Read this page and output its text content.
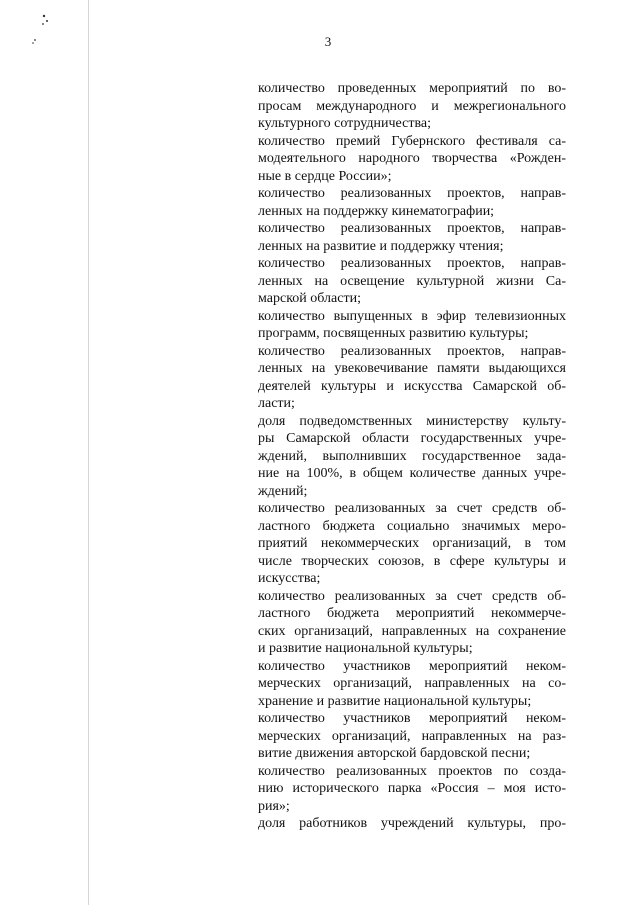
3
количество проведенных мероприятий по во-
просам международного и межрегионального
культурного сотрудничества;
количество премий Губернского фестиваля са-
модеятельного народного творчества «Рожден-
ные в сердце России»;
количество реализованных проектов, направ-
ленных на поддержку кинематографии;
количество реализованных проектов, направ-
ленных на развитие и поддержку чтения;
количество реализованных проектов, направ-
ленных на освещение культурной жизни Са-
марской области;
количество выпущенных в эфир телевизионных
программ, посвященных развитию культуры;
количество реализованных проектов, направ-
ленных на увековечивание памяти выдающихся
деятелей культуры и искусства Самарской об-
ласти;
доля подведомственных министерству культу-
ры Самарской области государственных учре-
ждений, выполнивших государственное зада-
ние на 100%, в общем количестве данных учре-
ждений;
количество реализованных за счет средств об-
ластного бюджета социально значимых меро-
приятий некоммерческих организаций, в том
числе творческих союзов, в сфере культуры и
искусства;
количество реализованных за счет средств об-
ластного бюджета мероприятий некоммерче-
ских организаций, направленных на сохранение
и развитие национальной культуры;
количество участников мероприятий неком-
мерческих организаций, направленных на со-
хранение и развитие национальной культуры;
количество участников мероприятий неком-
мерческих организаций, направленных на раз-
витие движения авторской бардовской песни;
количество реализованных проектов по созда-
нию исторического парка «Россия – моя исто-
рия»;
доля работников учреждений культуры, про-
